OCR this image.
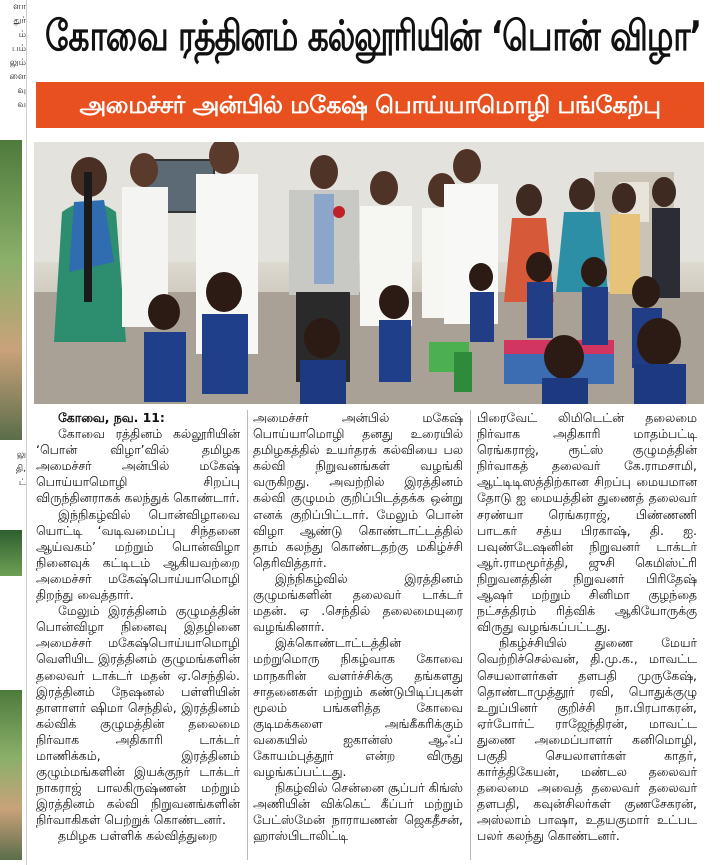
ளா
துர்
ம்
பம்
லும்
ளை
வு
வ
லு
தி,
ட்
கோவை ரத்தினம் கல்லூரியின் ‘பொன் விழா’
அமைச்சர் அன்பில் மகேஷ் பொய்யாமொழி பங்கேற்பு

கோவை, நவ. 11:

கோவை ரத்தினம் கல்லூரியின் ‘பொன் விழா’வில் தமிழக அமைச்சர் அன்பில் மகேஷ் பொய்யாமொழி சிறப்பு விருந்தினராகக் கலந்துக் கொண்டார்.

இந்நிகழ்வில் பொன்விழாவை யொட்டி ‘வடிவமைப்பு சிந்தனை ஆய்வகம்’ மற்றும் பொன்விழா நினைவுக் கட்டிடம் ஆகியவற்றை அமைச்சர் மகேஷ்பொய்யாமொழி திறந்து வைத்தார்.

மேலும் இரத்தினம் குழுமத்தின் பொன்விழா நினைவு இதழினை அமைச்சர் மகேஷ்பொய்யாமொழி வெளியிட இரத்தினம் குழுமங்களின் தலைவர் டாக்டர் மதன் ஏ.செந்தில். இரத்தினம் நேஷனல் பள்ளியின் தாளாளர் ஷிமா செந்தில், இரத்தினம் கல்விக் குழுமத்தின் தலைமை நிர்வாக அதிகாரி டாக்டர் மாணிக்கம், இரத்தினம் குழும்மங்களின் இயக்குநர் டாக்டர் நாகராஜ் பாலகிருஷ்ணன் மற்றும் இரத்தினம் கல்வி நிறுவனங்களின் நிர்வாகிகள் பெற்றுக் கொண்டனர்.

தமிழக பள்ளிக் கல்வித்துறை

அமைச்சர் அன்பில் மகேஷ் பொய்யாமொழி தனது உரையில் தமிழகத்தில் உயர்தரக் கல்வியை பல கல்வி நிறுவனங்கள் வழங்கி வருகிறது. அவற்றில் இரத்தினம் கல்வி குழுமம் குறிப்பிடத்தக்க ஒன்று எனக் குறிப்பிட்டார். மேலும் பொன் விழா ஆண்டு கொண்டாட்டத்தில் தாம் கலந்து கொண்டதற்கு மகிழ்ச்சி தெரிவித்தார்.

இந்நிகழ்வில் இரத்தினம் குழுமங்களின் தலைவர் டாக்டர் மதன். ஏ .செந்தில் தலைமையுரை வழங்கினார்.

இக்கொண்டாட்டத்தின் மற்றுமொரு நிகழ்வாக கோவை மாநகரின் வளர்ச்சிக்கு தங்களது சாதனைகள் மற்றும் கண்டுபிடிப்புகள் மூலம் பங்களித்த கோவை குடிமக்களை அங்கீகரிக்கும் வகையில் ஐகான்ஸ் ஆஃப் கோயம்புத்தூர் என்ற விருது வழங்கப்பட்டது.

நிகழ்வில் சென்னை சூப்பர் கிங்ஸ் அணியின் விக்கெட் கீப்பர் மற்றும் பேட்ஸ்மேன் நாராயணன் ஜெகதீசன், ஹாஸ்பிடாலிட்டி

பிரைவேட் லிமிடெட்ன் தலைமை நிர்வாக அதிகாரி மாதம்பட்டி ரெங்கராஜ், ரூட்ஸ் குழுமத்தின் நிர்வாகத் தலைவர் கே.ராமசாமி, ஆட்டிடிஸத்திற்கான சிறப்பு மையமான தோடு ஐ மையத்தின் துணைத் தலைவர் சரண்யா ரெங்கராஜ், பிண்ணணி பாடகர் சத்ய பிரகாஷ், தி. ஐ. பவுண்டேஷனின் நிறுவனர் டாக்டர் ஆர்.ராமமூர்த்தி, ஜுசி கெமிஸ்ட்ரி நிறுவனத்தின் நிறுவனர் பிரிதேஷ் ஆஷர் மற்றும் சினிமா குழந்தை நட்சத்திரம் ரித்விக் ஆகியோருக்கு விருது வழங்கப்பட்டது.

நிகழ்ச்சியில் துணை மேயர் வெற்றிச்செல்வன், தி.மு.க., மாவட்ட செயலாளர்கள் தளபதி முருகேஷ், தொண்டாமுத்தூர் ரவி, பொதுக்குழு உறுப்பினர் குறிச்சி நா.பிரபாகரன், ஏர்போர்ட் ராஜேந்திரன், மாவட்ட துணை அமைப்பாளர் கனிமொழி, பகுதி செயலாளர்கள் காதர், கார்த்திகேயன், மண்டல தலைவர் தலைமை அவைத் தலைவர் தலைவர் தளபதி, கவுன்சிலர்கள் குணசேகரன், அஸ்லாம் பாஷா, உதயகுமார் உட்பட பலர் கலந்து கொண்டனர்.
